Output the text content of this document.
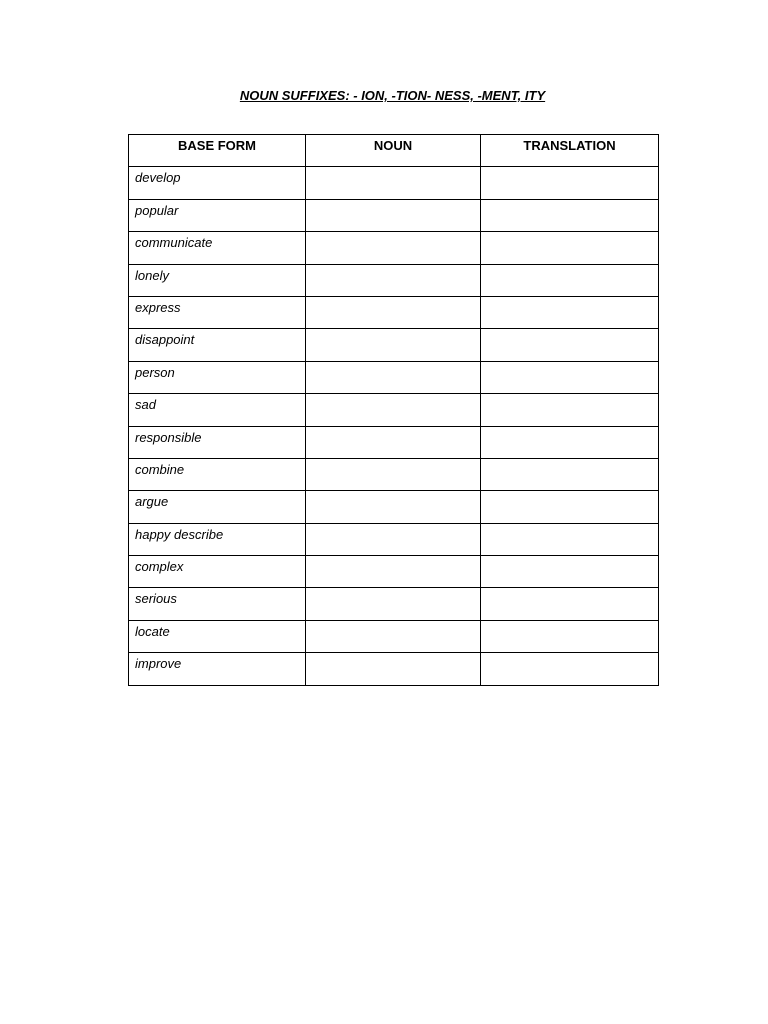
NOUN SUFFIXES: - ION, -TION- NESS, -MENT, ITY
BASE FORM	NOUN	TRANSLATION
develop		
popular		
communicate		
lonely		
express		
disappoint		
person		
sad		
responsible		
combine		
argue		
happy describe		
complex		
serious		
locate		
improve		
